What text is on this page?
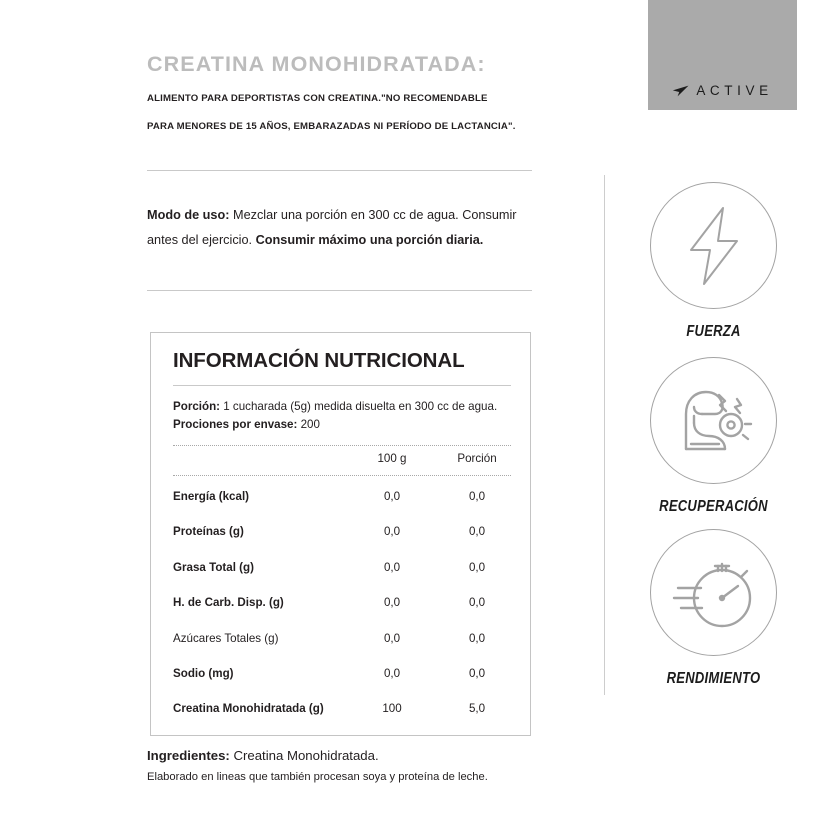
CREATINA MONOHIDRATADA:
ALIMENTO PARA DEPORTISTAS CON CREATINA."NO RECOMENDABLE
PARA MENORES DE 15 AÑOS, EMBARAZADAS NI PERÍODO DE LACTANCIA".
Modo de uso: Mezclar una porción en 300 cc de agua. Consumir antes del ejercicio. Consumir máximo una porción diaria.
INFORMACIÓN NUTRICIONAL
Porción: 1 cucharada (5g) medida disuelta en 300 cc de agua.
Prociones por envase: 200
100 g	Porción
Energía (kcal)	0,0	0,0
Proteínas (g)	0,0	0,0
Grasa Total (g)	0,0	0,0
H. de Carb. Disp. (g)	0,0	0,0
Azúcares Totales (g)	0,0	0,0
Sodio (mg)	0,0	0,0
Creatina Monohidratada (g)	100	5,0
Ingredientes: Creatina Monohidratada.
Elaborado en lineas que también procesan soya y proteína de leche.
ACTIVE
FUERZA
RECUPERACIÓN
RENDIMIENTO
